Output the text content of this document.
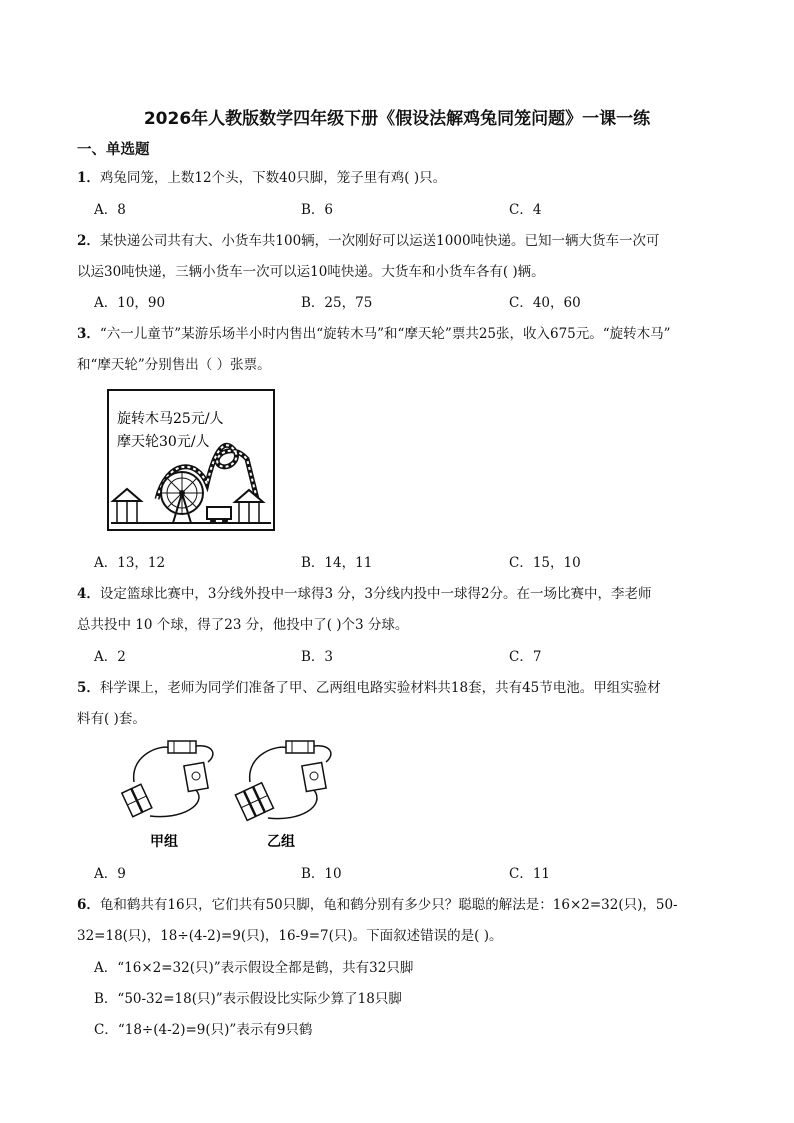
2026年人教版数学四年级下册《假设法解鸡兔同笼问题》一课一练
一、单选题
1．鸡兔同笼，上数12个头，下数40只脚，笼子里有鸡( )只。
A．8	B．6	C．4
2．某快递公司共有大、小货车共100辆，一次刚好可以运送1000吨快递。已知一辆大货车一次可
以运30吨快递，三辆小货车一次可以运10吨快递。大货车和小货车各有( )辆。
A．10，90	B．25，75	C．40，60
3．“六一儿童节”某游乐场半小时内售出“旋转木马”和“摩天轮”票共25张，收入675元。“旋转木马”
和“摩天轮”分别售出（ ）张票。
旋转木马25元/人
摩天轮30元/人
A．13，12	B．14，11	C．15，10
4．设定篮球比赛中，3分线外投中一球得3 分，3分线内投中一球得2分。在一场比赛中，李老师
总共投中 10 个球，得了23 分，他投中了( )个3 分球。
A．2	B．3	C．7
5．科学课上，老师为同学们准备了甲、乙两组电路实验材料共18套，共有45节电池。甲组实验材
料有( )套。
甲组	乙组
A．9	B．10	C．11
6．龟和鹤共有16只，它们共有50只脚，龟和鹤分别有多少只？聪聪的解法是：16×2=32(只)，50-
32=18(只)，18÷(4-2)=9(只)，16-9=7(只)。下面叙述错误的是( )。
A．“16×2=32(只)”表示假设全都是鹤，共有32只脚
B．“50-32=18(只)”表示假设比实际少算了18只脚
C．“18÷(4-2)=9(只)”表示有9只鹤
